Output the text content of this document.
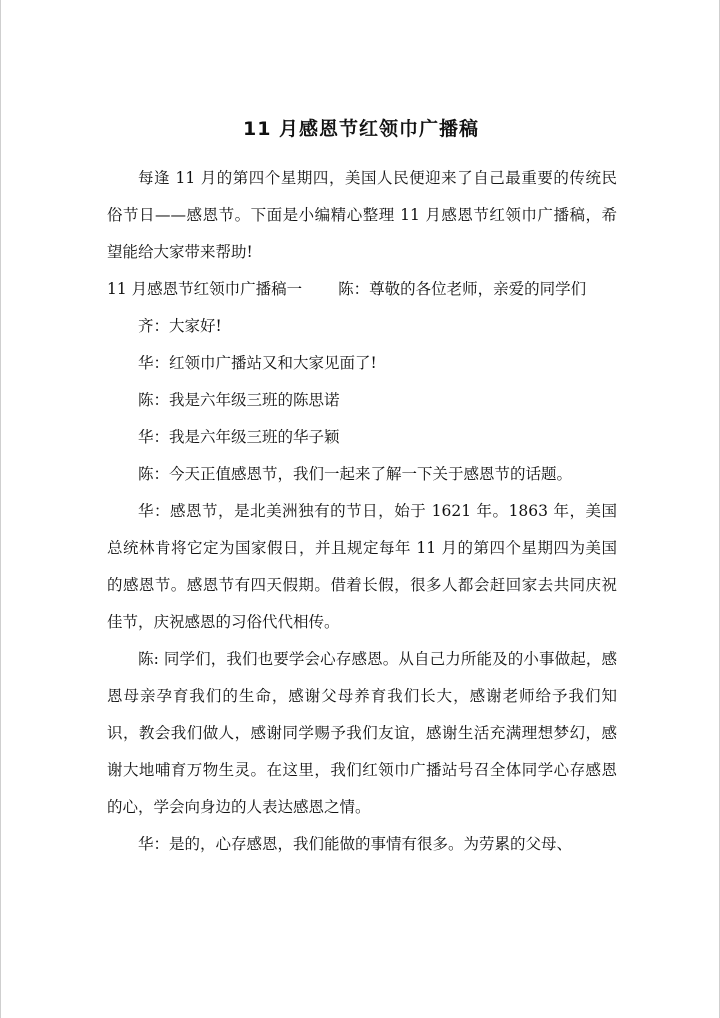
11 月感恩节红领巾广播稿

每逢 11 月的第四个星期四，美国人民便迎来了自己最重要的传统民俗节日——感恩节。下面是小编精心整理 11 月感恩节红领巾广播稿，希望能给大家带来帮助!

11 月感恩节红领巾广播稿一 陈：尊敬的各位老师，亲爱的同学们

齐：大家好!

华：红领巾广播站又和大家见面了!

陈：我是六年级三班的陈思诺

华：我是六年级三班的华子颖

陈：今天正值感恩节，我们一起来了解一下关于感恩节的话题。

华：感恩节，是北美洲独有的节日，始于 1621 年。1863 年，美国总统林肯将它定为国家假日，并且规定每年 11 月的第四个星期四为美国的感恩节。感恩节有四天假期。借着长假，很多人都会赶回家去共同庆祝佳节，庆祝感恩的习俗代代相传。

陈: 同学们，我们也要学会心存感恩。从自己力所能及的小事做起，感恩母亲孕育我们的生命，感谢父母养育我们长大，感谢老师给予我们知识，教会我们做人，感谢同学赐予我们友谊，感谢生活充满理想梦幻，感谢大地哺育万物生灵。在这里，我们红领巾广播站号召全体同学心存感恩的心，学会向身边的人表达感恩之情。

华：是的，心存感恩，我们能做的事情有很多。为劳累的父母、
